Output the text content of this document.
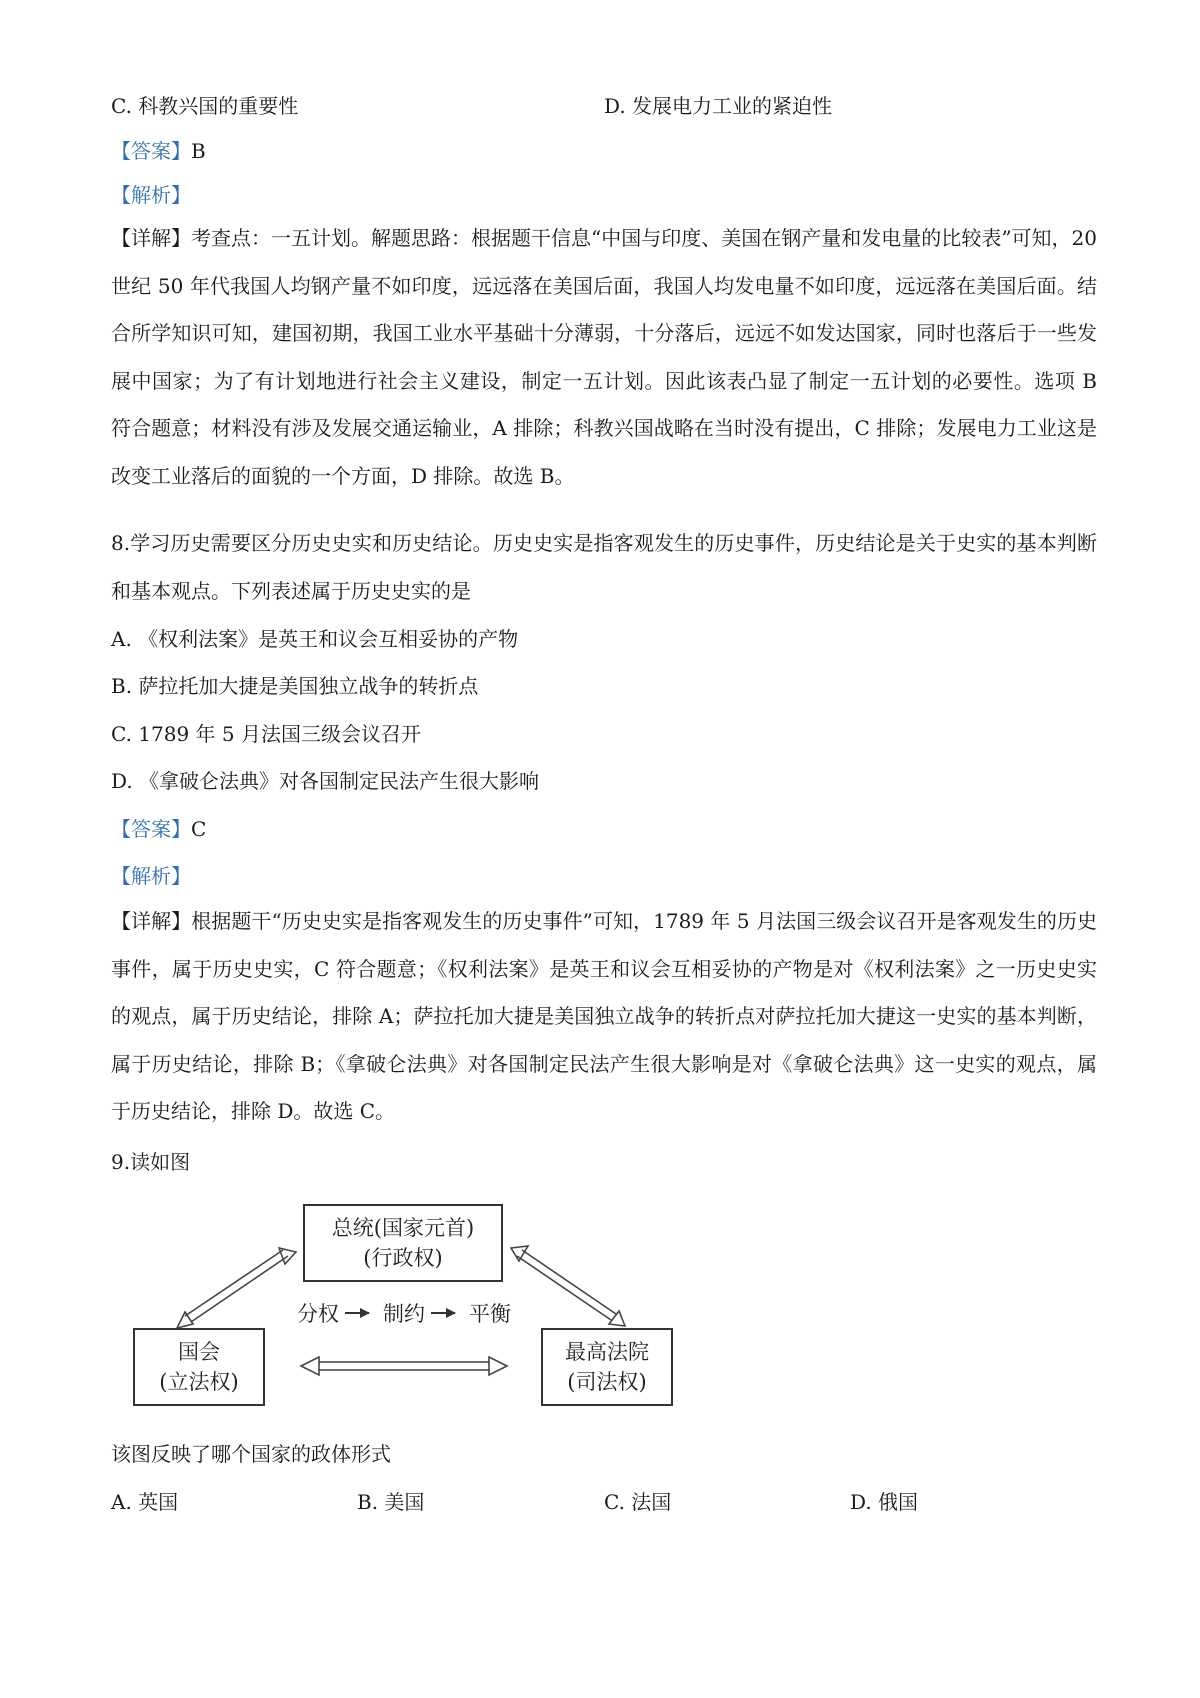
C. 科教兴国的重要性	D. 发展电力工业的紧迫性
【答案】B
【解析】
【详解】考查点：一五计划。解题思路：根据题干信息“中国与印度、美国在钢产量和发电量的比较表”可知，20 世纪 50 年代我国人均钢产量不如印度，远远落在美国后面，我国人均发电量不如印度，远远落在美国后面。结合所学知识可知，建国初期，我国工业水平基础十分薄弱，十分落后，远远不如发达国家，同时也落后于一些发展中国家；为了有计划地进行社会主义建设，制定一五计划。因此该表凸显了制定一五计划的必要性。选项 B 符合题意；材料没有涉及发展交通运输业，A 排除；科教兴国战略在当时没有提出，C 排除；发展电力工业这是改变工业落后的面貌的一个方面，D 排除。故选 B。
8.学习历史需要区分历史史实和历史结论。历史史实是指客观发生的历史事件，历史结论是关于史实的基本判断和基本观点。下列表述属于历史史实的是
A. 《权利法案》是英王和议会互相妥协的产物
B. 萨拉托加大捷是美国独立战争的转折点
C. 1789 年 5 月法国三级会议召开
D. 《拿破仑法典》对各国制定民法产生很大影响
【答案】C
【解析】
【详解】根据题干“历史史实是指客观发生的历史事件”可知，1789 年 5 月法国三级会议召开是客观发生的历史事件，属于历史史实，C 符合题意；《权利法案》是英王和议会互相妥协的产物是对《权利法案》之一历史史实的观点，属于历史结论，排除 A；萨拉托加大捷是美国独立战争的转折点对萨拉托加大捷这一史实的基本判断，属于历史结论，排除 B；《拿破仑法典》对各国制定民法产生很大影响是对《拿破仑法典》这一史实的观点，属于历史结论，排除 D。故选 C。
9.读如图
总统(国家元首)
(行政权)
国会
(立法权)
最高法院
(司法权)
分权 制约 平衡
该图反映了哪个国家的政体形式
A. 英国	B. 美国	C. 法国	D. 俄国
